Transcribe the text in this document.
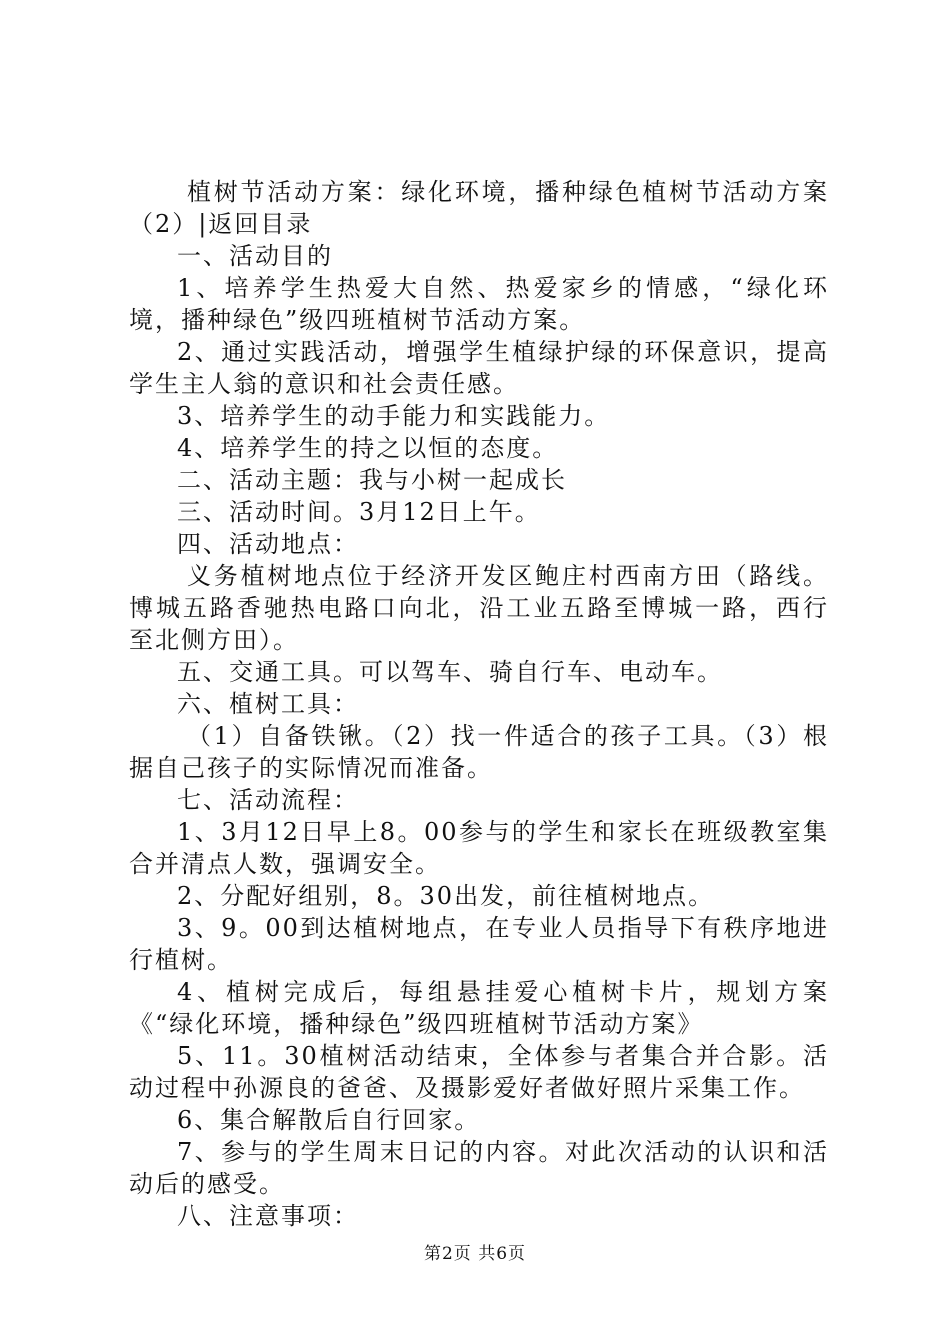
植树节活动方案：绿化环境，播种绿色植树节活动方案（2）|返回目录

一、活动目的

1、培养学生热爱大自然、热爱家乡的情感，“绿化环境，播种绿色”级四班植树节活动方案。

2、通过实践活动，增强学生植绿护绿的环保意识，提高学生主人翁的意识和社会责任感。

3、培养学生的动手能力和实践能力。

4、培养学生的持之以恒的态度。

二、活动主题：我与小树一起成长

三、活动时间。3月12日上午。

四、活动地点：

义务植树地点位于经济开发区鲍庄村西南方田（路线。博城五路香驰热电路口向北，沿工业五路至博城一路，西行至北侧方田）。

五、交通工具。可以驾车、骑自行车、电动车。

六、植树工具：

（1）自备铁锹。（2）找一件适合的孩子工具。（3）根据自己孩子的实际情况而准备。

七、活动流程：

1、3月12日早上8。00参与的学生和家长在班级教室集合并清点人数，强调安全。

2、分配好组别，8。30出发，前往植树地点。

3、9。00到达植树地点，在专业人员指导下有秩序地进行植树。

4、植树完成后，每组悬挂爱心植树卡片，规划方案《“绿化环境，播种绿色”级四班植树节活动方案》

5、11。30植树活动结束，全体参与者集合并合影。活动过程中孙源良的爸爸、及摄影爱好者做好照片采集工作。

6、集合解散后自行回家。

7、参与的学生周末日记的内容。对此次活动的认识和活动后的感受。

八、注意事项：

第2页 共6页
